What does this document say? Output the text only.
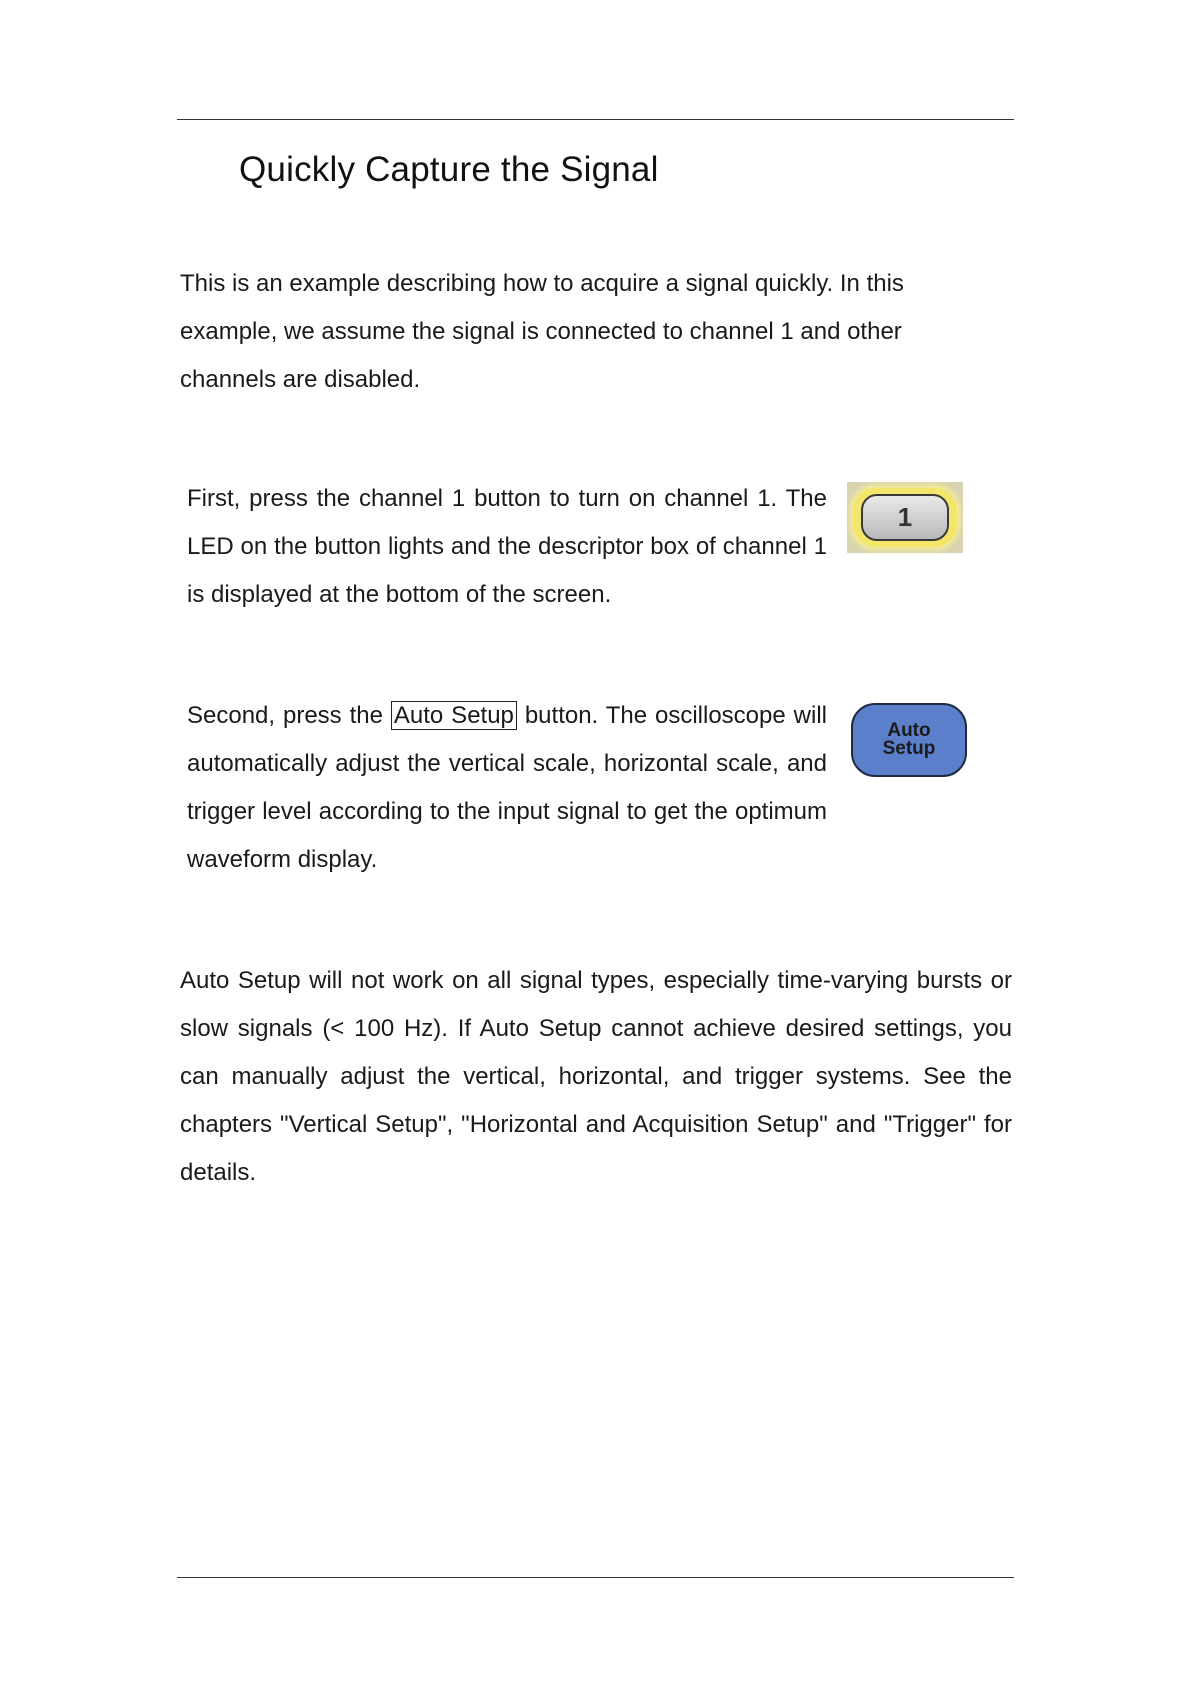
Quickly Capture the Signal

This is an example describing how to acquire a signal quickly. In this example, we assume the signal is connected to channel 1 and other channels are disabled.

First, press the channel 1 button to turn on channel 1. The LED on the button lights and the descriptor box of channel 1 is displayed at the bottom of the screen.

1

Second, press the Auto Setup button. The oscilloscope will automatically adjust the vertical scale, horizontal scale, and trigger level according to the input signal to get the optimum waveform display.

Auto
Setup

Auto Setup will not work on all signal types, especially time-varying bursts or slow signals (< 100 Hz). If Auto Setup cannot achieve desired settings, you can manually adjust the vertical, horizontal, and trigger systems. See the chapters "Vertical Setup", "Horizontal and Acquisition Setup" and "Trigger" for details.
